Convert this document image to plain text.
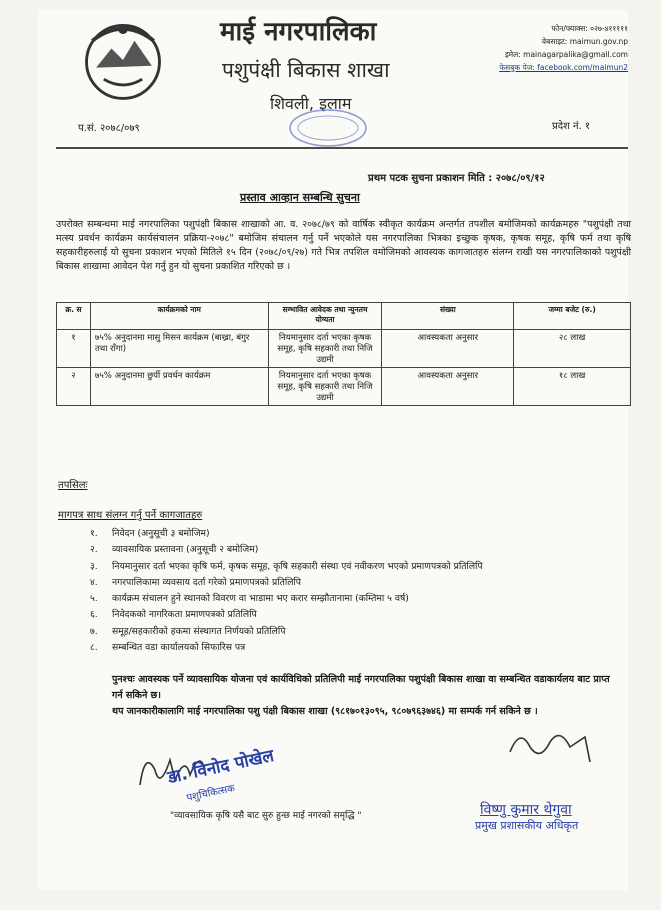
माई नगरपालिका
पशुपंक्षी बिकास शाखा
शिवली, इलाम
फोन/फ्याक्स: ०२७-४१११११
वेबसाइट: maimun.gov.np
इमेल: mainagarpalika@gmail.com
फेसबुक पेज: facebook.com/maimun2
प.सं. २०७८/०७९	प्रदेश नं. १
प्रथम पटक सुचना प्रकाशन मिति : २०७८/०९/१२
प्रस्ताव आव्हान सम्बन्धि सुचना
उपरोक्त सम्बन्धमा माई नगरपालिका पशुपंक्षी बिकास शाखाको आ. व. २०७८/७९ को वार्षिक स्वीकृत कार्यक्रम अन्तर्गत तपशील बमोजिमको कार्यक्रमहरु "पशुपंक्षी तथा मत्स्य प्रवर्धन कार्यक्रम कार्यसंचालन प्रक्रिया-२०७८" बमोजिम संचालन गर्नु पर्ने भएकोले यस नगरपालिका भित्रका इच्छुक कृषक, कृषक समूह, कृषि फर्म तथा कृषि सहकारीहरुलाई यो सुचना प्रकाशन भएको मितिले १५ दिन (२०७८/०९/२७) गते भित्र तपशिल वमोजिमको आवस्यक कागजातहरु संलग्न राखी यस नगरपालिकाको पशुपंक्षी बिकास शाखामा आवेदन पेश गर्नु हुन यो सुचना प्रकाशित गरिएको छ ।
क्र. स	कार्यक्रमको नाम	सम्भावित आवेदक तथा न्युनतम योग्यता	संख्या	जम्मा बजेट (रु.)
१	७५% अनुदानमा मासु मिसन कार्यक्रम (बाख्रा, बंगुर तथा राँगा)	नियमानुसार दर्ता भएका कृषक समूह, कृषि सहकारी तथा निजि उद्यमी	आवस्यकता अनुसार	२८ लाख
२	७५% अनुदानमा छुर्पी प्रवर्धन कार्यक्रम	नियमानुसार दर्ता भएका कृषक समूह, कृषि सहकारी तथा निजि उद्यमी	आवस्यकता अनुसार	१८ लाख
तपसिलः
मागपत्र साथ संलग्न गर्नु पर्ने कागजातहरु
१. निवेदन (अनुसूची ३ बमोजिम)
२. व्यावसायिक प्रस्तावना (अनुसूची २ बमोजिम)
३. नियमानुसार दर्ता भएका कृषि फर्म, कृषक समूह, कृषि सहकारी संस्था एवं नवीकरण भएको प्रमाणपत्रको प्रतिलिपि
४. नगरपालिकामा व्यवसाय दर्ता गरेको प्रमाणपत्रको प्रतिलिपि
५. कार्यक्रम संचालन हुने स्थानको विवरण वा भाडामा भए करार सम्झौतानामा (कम्तिमा ५ वर्ष)
६. निवेदकको नागरिकता प्रमाणपत्रको प्रतिलिपि
७. समूह/सहकारीको हकमा संस्थागत निर्णयको प्रतिलिपि
८. सम्बन्धित वडा कार्यालयको सिफारिस पत्र
पुनश्चः आवस्यक पर्ने व्यावसायिक योजना एवं कार्यविधिको प्रतिलिपी माई नगरपालिका पशुपंक्षी बिकास शाखा वा सम्बन्धित वडाकार्यलय बाट प्राप्त गर्न सकिने छ।
थप जानकारीकालागि माई नगरपालिका पशु पंक्षी बिकास शाखा (९८१७०१३०९५, ९८०७९६३७४६) मा सम्पर्क गर्न सकिने छ ।
डा. विनोद पोखेल
पशुचिकित्सक
"व्यावसायिक कृषि यसै बाट सुरु हुन्छ माई नगरको समृद्धि "	विष्णु कुमार थेगुवा
प्रमुख प्रशासकीय अधिकृत
